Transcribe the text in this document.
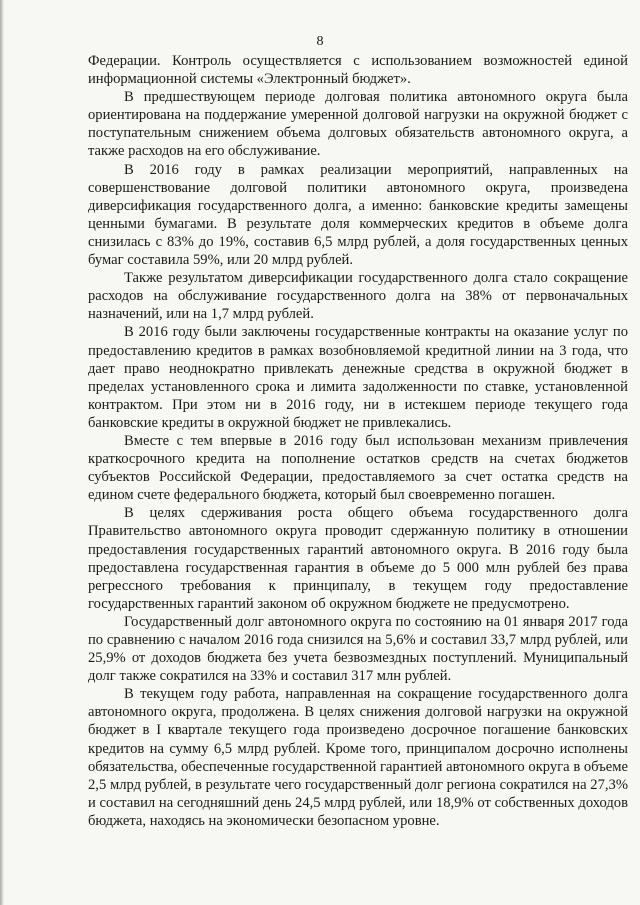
8

Федерации. Контроль осуществляется с использованием возможностей единой информационной системы «Электронный бюджет».

В предшествующем периоде долговая политика автономного округа была ориентирована на поддержание умеренной долговой нагрузки на окружной бюджет с поступательным снижением объема долговых обязательств автономного округа, а также расходов на его обслуживание.

В 2016 году в рамках реализации мероприятий, направленных на совершенствование долговой политики автономного округа, произведена диверсификация государственного долга, а именно: банковские кредиты замещены ценными бумагами. В результате доля коммерческих кредитов в объеме долга снизилась с 83% до 19%, составив 6,5 млрд рублей, а доля государственных ценных бумаг составила 59%, или 20 млрд рублей.

Также результатом диверсификации государственного долга стало сокращение расходов на обслуживание государственного долга на 38% от первоначальных назначений, или на 1,7 млрд рублей.

В 2016 году были заключены государственные контракты на оказание услуг по предоставлению кредитов в рамках возобновляемой кредитной линии на 3 года, что дает право неоднократно привлекать денежные средства в окружной бюджет в пределах установленного срока и лимита задолженности по ставке, установленной контрактом. При этом ни в 2016 году, ни в истекшем периоде текущего года банковские кредиты в окружной бюджет не привлекались.

Вместе с тем впервые в 2016 году был использован механизм привлечения краткосрочного кредита на пополнение остатков средств на счетах бюджетов субъектов Российской Федерации, предоставляемого за счет остатка средств на едином счете федерального бюджета, который был своевременно погашен.

В целях сдерживания роста общего объема государственного долга Правительство автономного округа проводит сдержанную политику в отношении предоставления государственных гарантий автономного округа. В 2016 году была предоставлена государственная гарантия в объеме до 5 000 млн рублей без права регрессного требования к принципалу, в текущем году предоставление государственных гарантий законом об окружном бюджете не предусмотрено.

Государственный долг автономного округа по состоянию на 01 января 2017 года по сравнению с началом 2016 года снизился на 5,6% и составил 33,7 млрд рублей, или 25,9% от доходов бюджета без учета безвозмездных поступлений. Муниципальный долг также сократился на 33% и составил 317 млн рублей.

В текущем году работа, направленная на сокращение государственного долга автономного округа, продолжена. В целях снижения долговой нагрузки на окружной бюджет в I квартале текущего года произведено досрочное погашение банковских кредитов на сумму 6,5 млрд рублей. Кроме того, принципалом досрочно исполнены обязательства, обеспеченные государственной гарантией автономного округа в объеме 2,5 млрд рублей, в результате чего государственный долг региона сократился на 27,3% и составил на сегодняшний день 24,5 млрд рублей, или 18,9% от собственных доходов бюджета, находясь на экономически безопасном уровне.
